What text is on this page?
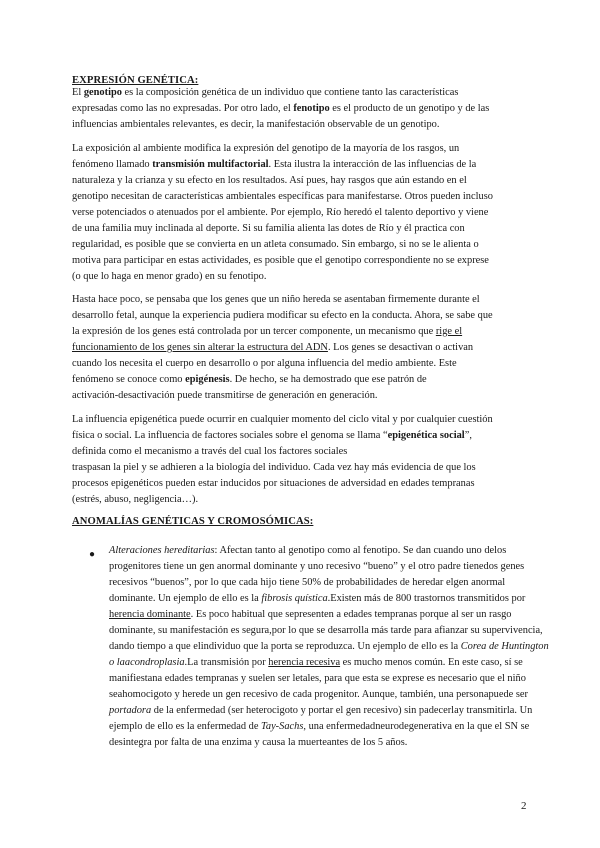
EXPRESIÓN GENÉTICA:
El genotipo es la composición genética de un individuo que contiene tanto las características
expresadas como las no expresadas. Por otro lado, el fenotipo es el producto de un genotipo y de las
influencias ambientales relevantes, es decir, la manifestación observable de un genotipo.
La exposición al ambiente modifica la expresión del genotipo de la mayoría de los rasgos, un
fenómeno llamado transmisión multifactorial. Esta ilustra la interacción de las influencias de la
naturaleza y la crianza y su efecto en los resultados. Así pues, hay rasgos que aún estando en el
genotipo necesitan de características ambientales específicas para manifestarse. Otros pueden incluso
verse potenciados o atenuados por el ambiente. Por ejemplo, Río heredó el talento deportivo y viene
de una familia muy inclinada al deporte. Si su familia alienta las dotes de Río y él practica con
regularidad, es posible que se convierta en un atleta consumado. Sin embargo, si no se le alienta o
motiva para participar en estas actividades, es posible que el genotipo correspondiente no se exprese
(o que lo haga en menor grado) en su fenotipo.
Hasta hace poco, se pensaba que los genes que un niño hereda se asentaban firmemente durante el
desarrollo fetal, aunque la experiencia pudiera modificar su efecto en la conducta. Ahora, se sabe que
la expresión de los genes está controlada por un tercer componente, un mecanismo que rige el
funcionamiento de los genes sin alterar la estructura del ADN. Los genes se desactivan o activan
cuando los necesita el cuerpo en desarrollo o por alguna influencia del medio ambiente. Este
fenómeno se conoce como epigénesis. De hecho, se ha demostrado que ese patrón de
activación-desactivación puede transmitirse de generación en generación.
La influencia epigenética puede ocurrir en cualquier momento del ciclo vital y por cualquier cuestión
física o social. La influencia de factores sociales sobre el genoma se llama “epigenética social”,
definida como el mecanismo a través del cual los factores sociales
traspasan la piel y se adhieren a la biología del individuo. Cada vez hay más evidencia de que los
procesos epigenéticos pueden estar inducidos por situaciones de adversidad en edades tempranas
(estrés, abuso, negligencia…).
ANOMALÍAS GENÉTICAS Y CROMOSÓMICAS:
● Alteraciones hereditarias: Afectan tanto al genotipo como al fenotipo. Se dan cuando uno delos progenitores tiene un gen anormal dominante y uno recesivo “bueno” y el otro padre tienedos genes recesivos “buenos”, por lo que cada hijo tiene 50% de probabilidades de heredar elgen anormal dominante. Un ejemplo de ello es la fibrosis quística.Existen más de 800 trastornos transmitidos por herencia dominante. Es poco habitual que sepresenten a edades tempranas porque al ser un rasgo dominante, su manifestación es segura,por lo que se desarrolla más tarde para afianzar su supervivencia, dando tiempo a que elindividuo que la porta se reproduzca. Un ejemplo de ello es la Corea de Huntington o laacondroplasia.La transmisión por herencia recesiva es mucho menos común. En este caso, sí se manifiestana edades tempranas y suelen ser letales, para que esta se exprese es necesario que el niño seahomocigoto y herede un gen recesivo de cada progenitor. Aunque, también, una personapuede ser portadora de la enfermedad (ser heterocigoto y portar el gen recesivo) sin padecerlay transmitirla. Un ejemplo de ello es la enfermedad de Tay-Sachs, una enfermedadneurodegenerativa en la que el SN se desintegra por falta de una enzima y causa la muerteantes de los 5 años.
2
